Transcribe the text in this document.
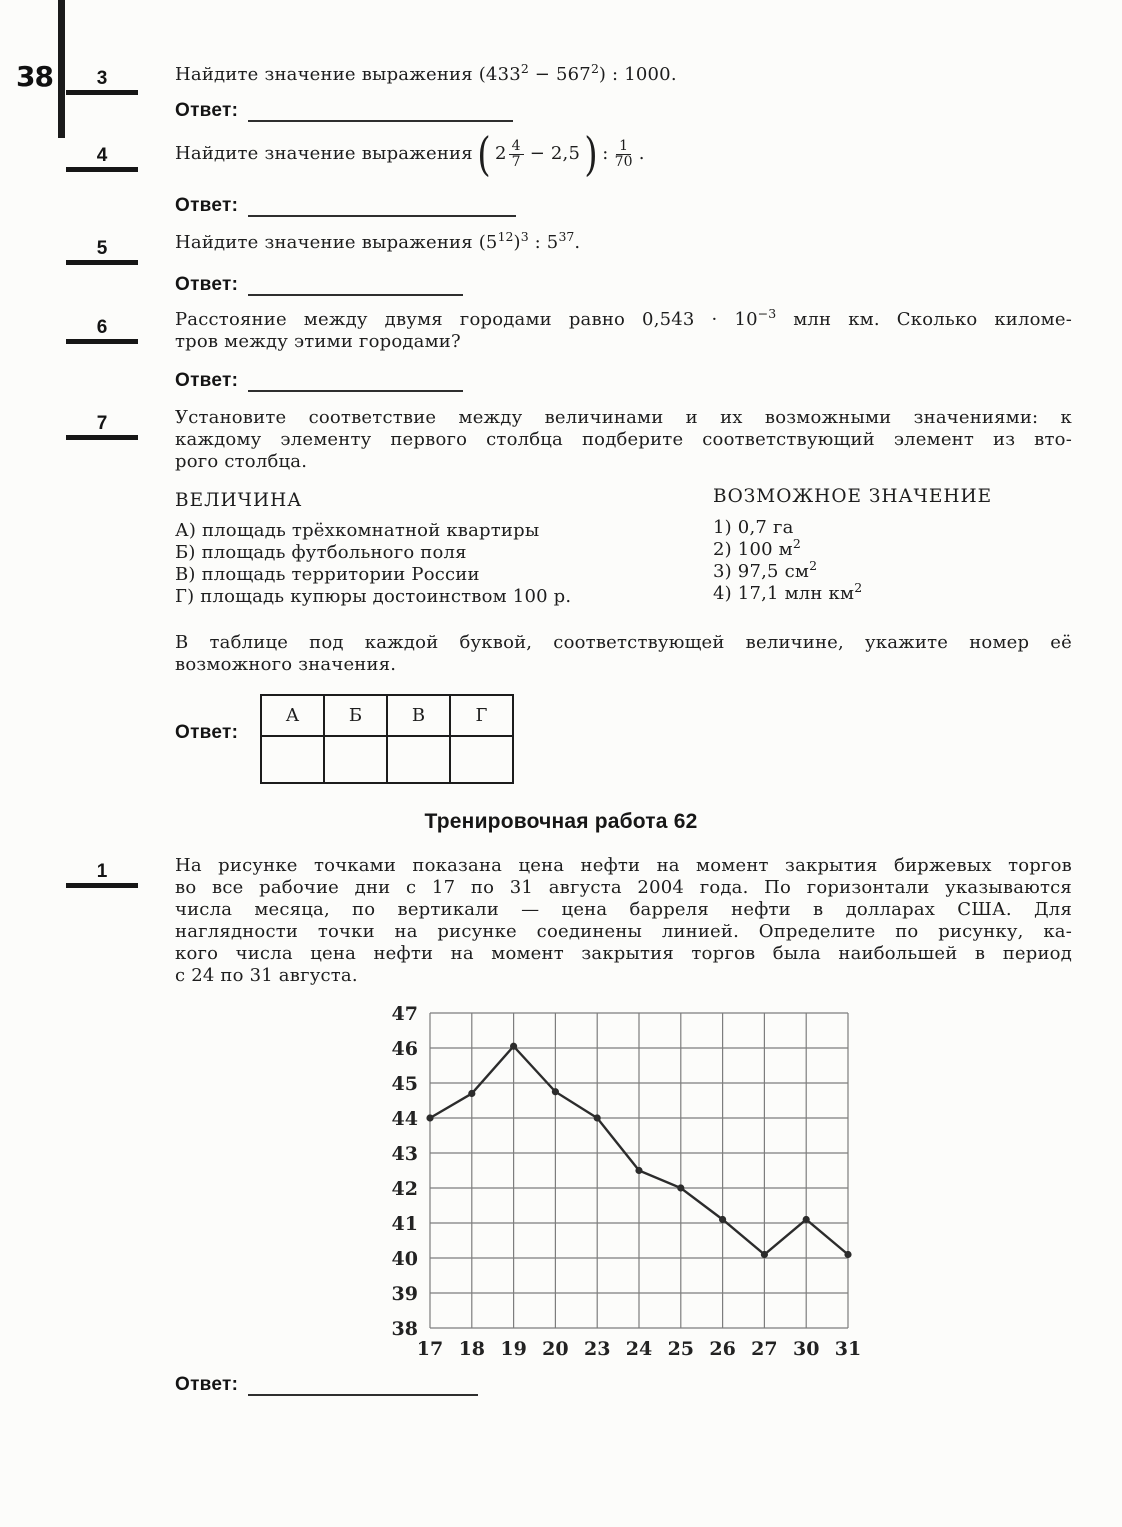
38	3
4
5
6
7
1
Найдите значение выражения $(433^2 - 567^2)$ : 1000.
Ответ:
Найдите значение выражения ( $2 \frac{4}{7} - 2,5$ ) : $\frac{1}{70}$ .
Ответ:
Найдите значение выражения $(5^{12})^3$ : $5^{37}$.
Ответ:
Расстояние между двумя городами равно $0,543 \cdot 10^{-3}$ млн км. Сколько киломе-
тров между этими городами?
Ответ:
Установите соответствие между величинами и их возможными значениями: к
каждому элементу первого столбца подберите соответствующий элемент из вто-
рого столбца.
ВЕЛИЧИНА	ВОЗМОЖНОЕ ЗНАЧЕНИЕ
А) площадь трёхкомнатной квартиры
Б) площадь футбольного поля
В) площадь территории России
Г) площадь купюры достоинством 100 р.
1) 0,7 га
2) 100 $м^2$
3) 97,5 $см^2$
4) 17,1 млн $км^2$
В таблице под каждой буквой, соответствующей величине, укажите номер её
возможного значения.
Ответ:
А	Б	В	Г

Тренировочная работа 62
На рисунке точками показана цена нефти на момент закрытия биржевых торгов
во все рабочие дни с 17 по 31 августа 2004 года. По горизонтали указываются
числа месяца, по вертикали — цена барреля нефти в долларах США. Для
наглядности точки на рисунке соединены линией. Определите по рисунку, ка-
кого числа цена нефти на момент закрытия торгов была наибольшей в период
с 24 по 31 августа.
38
39
40
41
42
43
44
45
46
47
17 18 19 20 23 24 25 26 27 30 31
Ответ:
